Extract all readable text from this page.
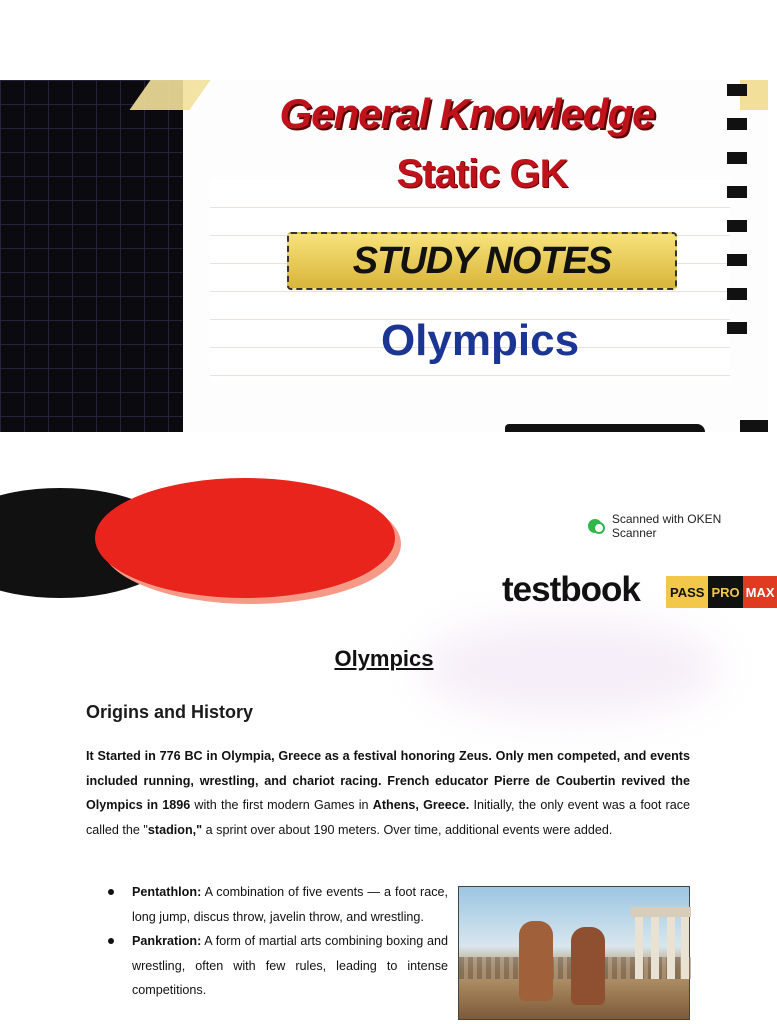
General Knowledge
Static GK
STUDY NOTES
Olympics
Scanned with OKEN Scanner
testbook	PASS PRO MAX
Olympics
Origins and History

It Started in 776 BC in Olympia, Greece as a festival honoring Zeus. Only men competed, and events included running, wrestling, and chariot racing. French educator Pierre de Coubertin revived the Olympics in 1896 with the first modern Games in Athens, Greece. Initially, the only event was a foot race called the "stadion," a sprint over about 190 meters. Over time, additional events were added.

Pentathlon: A combination of five events — a foot race, long jump, discus throw, javelin throw, and wrestling.
Pankration: A form of martial arts combining boxing and wrestling, often with few rules, leading to intense competitions.
